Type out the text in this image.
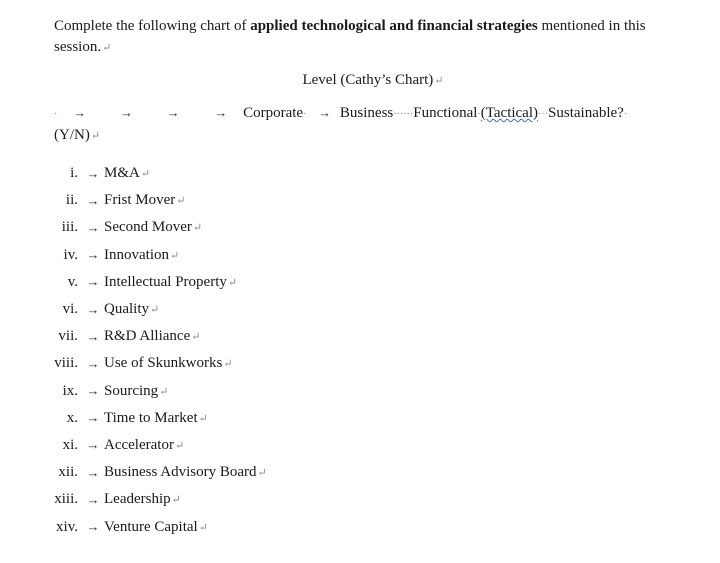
Complete the following chart of applied technological and financial strategies mentioned in this session.↵
Level (Cathy’s Chart)↵
· →	→	→	→ Corporate· → Business······Functional·(Tactical)···Sustainable?·
(Y/N)↵
i. → M&A ↵
ii. → Frist Mover ↵
iii. → Second Mover ↵
iv. → Innovation ↵
v. → Intellectual Property ↵
vi. → Quality ↵
vii. → R&D Alliance ↵
viii. → Use of Skunkworks ↵
ix. → Sourcing ↵
x. → Time to Market ↵
xi. → Accelerator ↵
xii. → Business Advisory Board ↵
xiii. → Leadership ↵
xiv. → Venture Capital ↵
